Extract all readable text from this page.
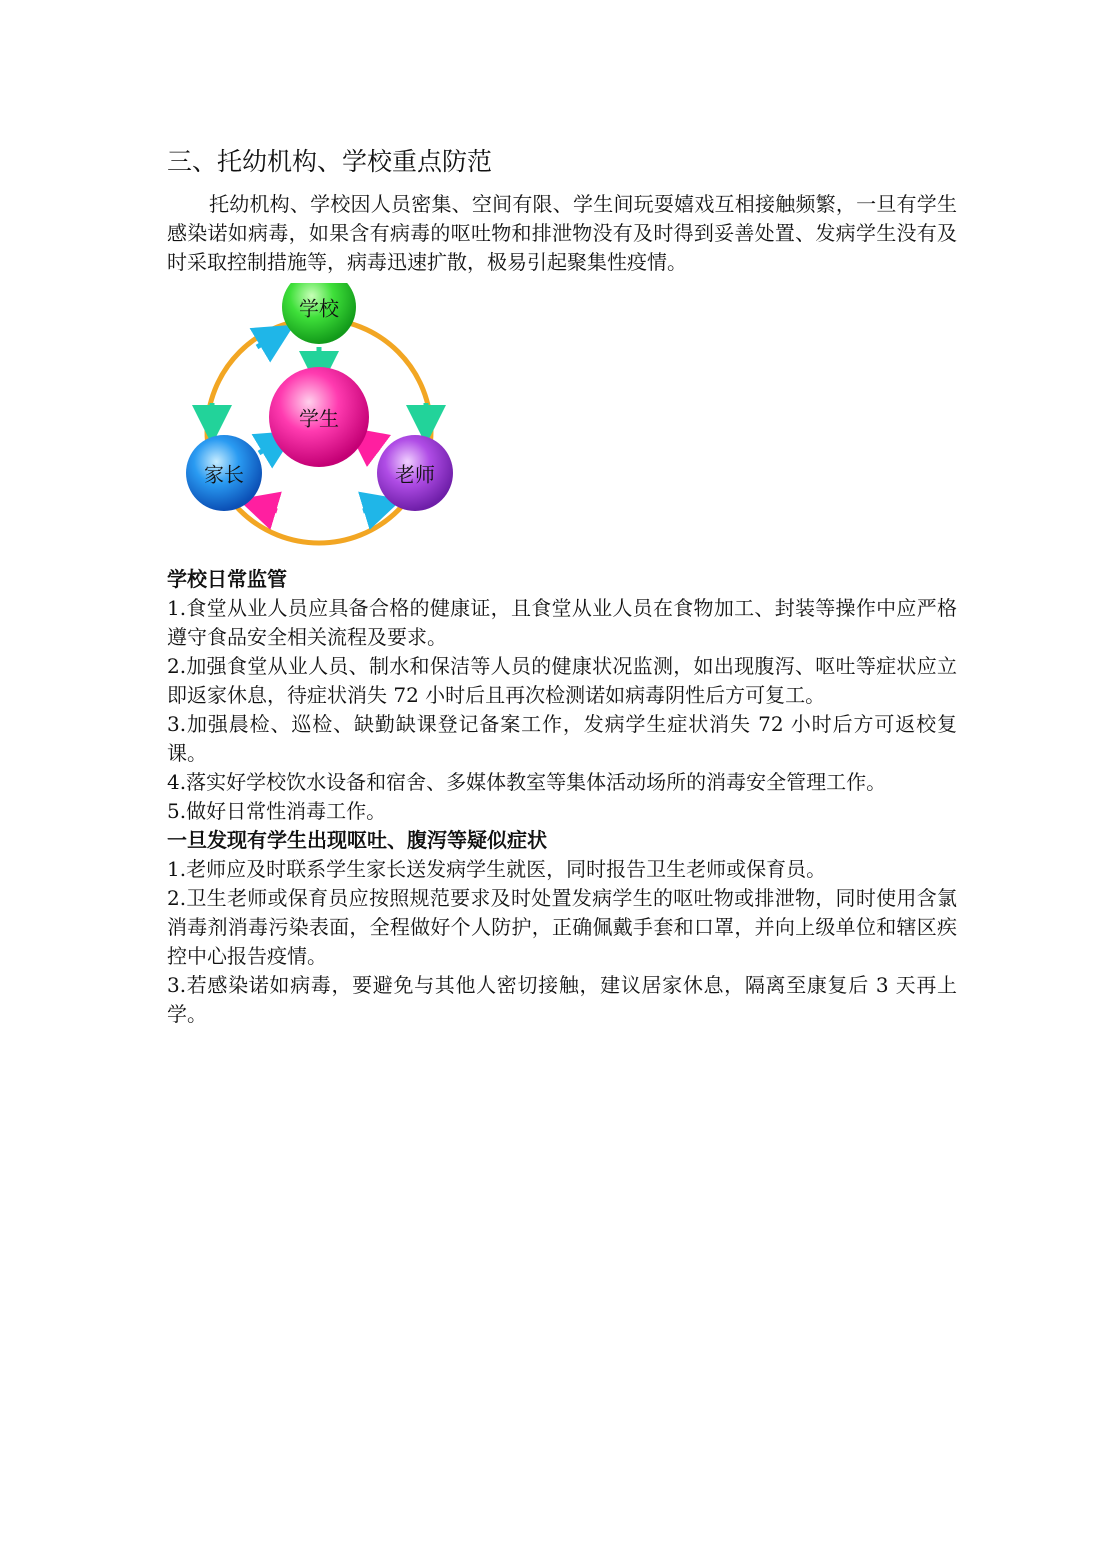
三、托幼机构、学校重点防范

托幼机构、学校因人员密集、空间有限、学生间玩耍嬉戏互相接触频繁，一旦有学生感染诺如病毒，如果含有病毒的呕吐物和排泄物没有及时得到妥善处置、发病学生没有及时采取控制措施等，病毒迅速扩散，极易引起聚集性疫情。

学校
学生
家长	老师
学校日常监管

1.食堂从业人员应具备合格的健康证，且食堂从业人员在食物加工、封装等操作中应严格遵守食品安全相关流程及要求。

2.加强食堂从业人员、制水和保洁等人员的健康状况监测，如出现腹泻、呕吐等症状应立即返家休息，待症状消失 72 小时后且再次检测诺如病毒阴性后方可复工。

3.加强晨检、巡检、缺勤缺课登记备案工作，发病学生症状消失 72 小时后方可返校复课。

4.落实好学校饮水设备和宿舍、多媒体教室等集体活动场所的消毒安全管理工作。

5.做好日常性消毒工作。

一旦发现有学生出现呕吐、腹泻等疑似症状

1.老师应及时联系学生家长送发病学生就医，同时报告卫生老师或保育员。

2.卫生老师或保育员应按照规范要求及时处置发病学生的呕吐物或排泄物，同时使用含氯消毒剂消毒污染表面，全程做好个人防护，正确佩戴手套和口罩，并向上级单位和辖区疾控中心报告疫情。

3.若感染诺如病毒，要避免与其他人密切接触，建议居家休息，隔离至康复后 3 天再上学。
